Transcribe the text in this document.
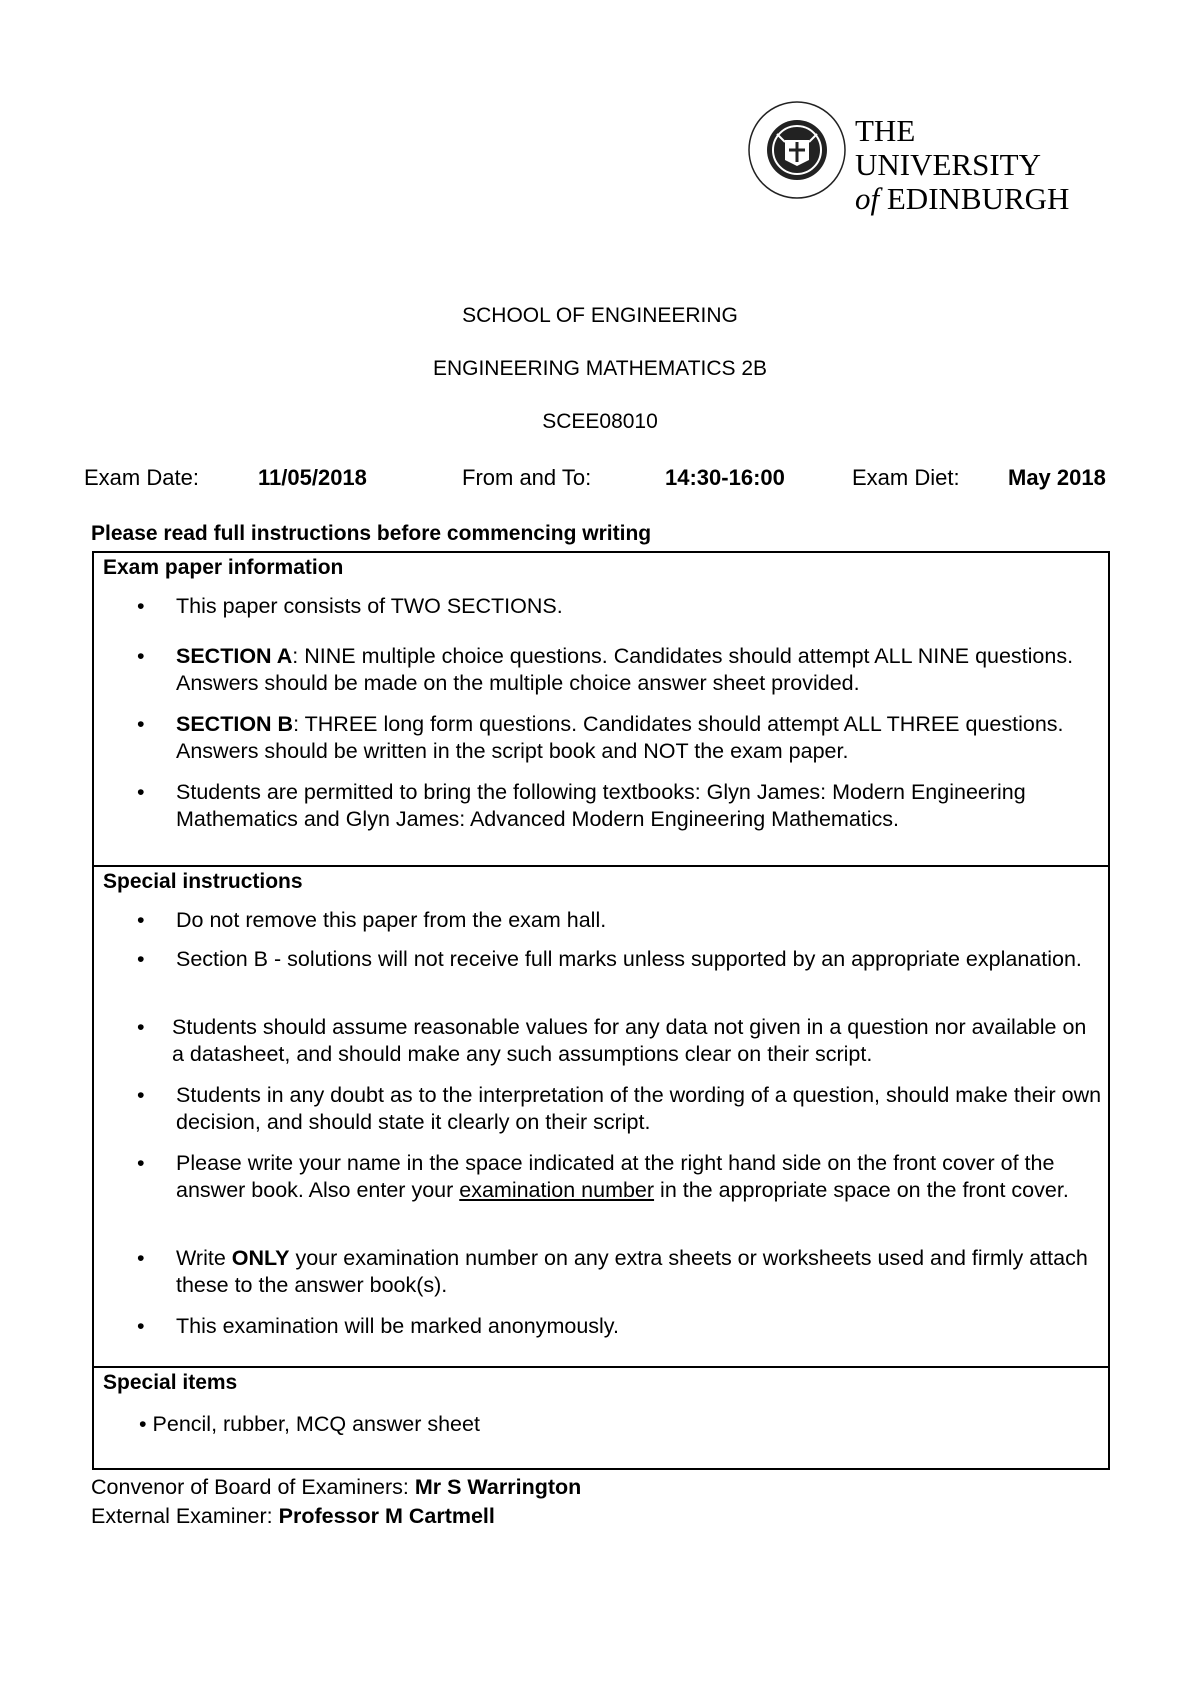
THE UNIVERSITY
of EDINBURGH
SCHOOL OF ENGINEERING
ENGINEERING MATHEMATICS 2B
SCEE08010
Exam Date:	11/05/2018	From and To:	14:30-16:00	Exam Diet: May 2018
Please read full instructions before commencing writing
Exam paper information
• This paper consists of TWO SECTIONS.
• SECTION A: NINE multiple choice questions. Candidates should attempt ALL NINE questions. Answers should be made on the multiple choice answer sheet provided.
• SECTION B: THREE long form questions. Candidates should attempt ALL THREE questions. Answers should be written in the script book and NOT the exam paper.
• Students are permitted to bring the following textbooks: Glyn James: Modern Engineering Mathematics and Glyn James: Advanced Modern Engineering Mathematics.
Special instructions
• Do not remove this paper from the exam hall.
• Section B - solutions will not receive full marks unless supported by an appropriate explanation.
• Students should assume reasonable values for any data not given in a question nor available on a datasheet, and should make any such assumptions clear on their script.
• Students in any doubt as to the interpretation of the wording of a question, should make their own decision, and should state it clearly on their script.
• Please write your name in the space indicated at the right hand side on the front cover of the answer book. Also enter your examination number in the appropriate space on the front cover.
• Write ONLY your examination number on any extra sheets or worksheets used and firmly attach these to the answer book(s).
• This examination will be marked anonymously.
Special items
• Pencil, rubber, MCQ answer sheet
Convenor of Board of Examiners: Mr S Warrington
External Examiner: Professor M Cartmell
